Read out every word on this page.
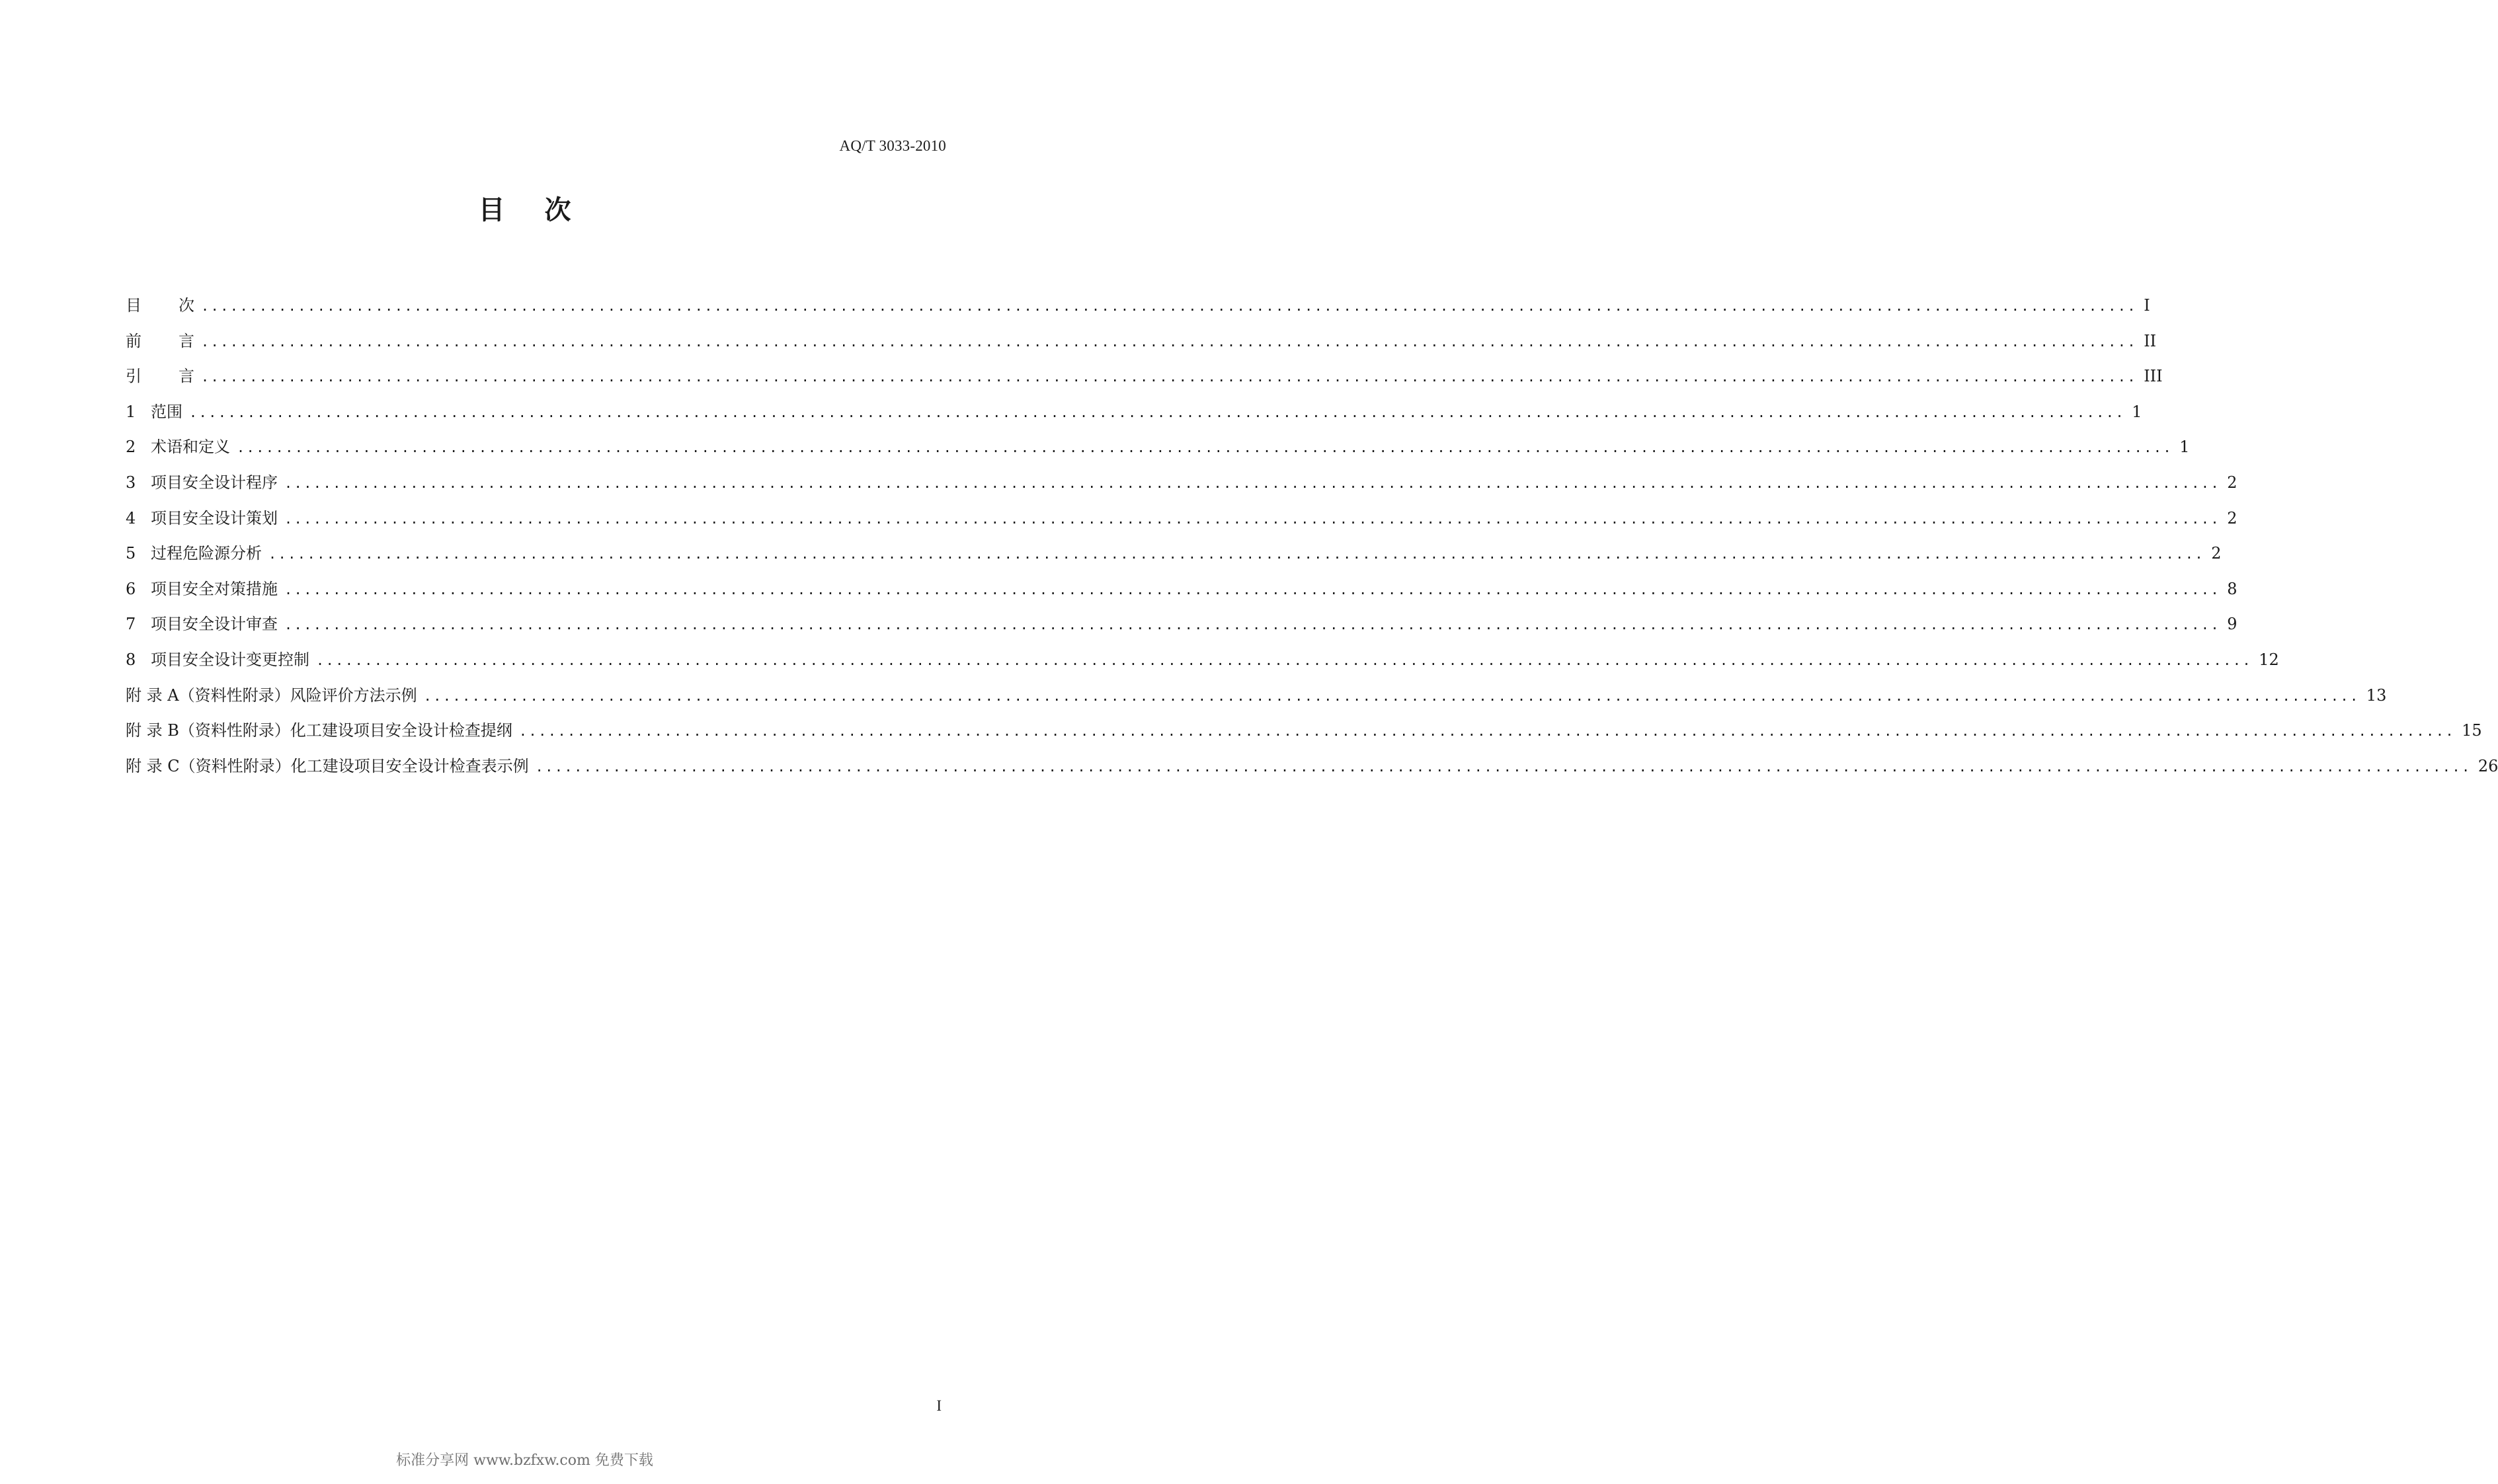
AQ/T 3033-2010
目 次
目次 ........................................................................................................................................................................................................ I
前言 ........................................................................................................................................................................................................ II
引言 ........................................................................................................................................................................................................ III
1 范围 ........................................................................................................................................................................................................ 1
2 术语和定义 ........................................................................................................................................................................................................ 1
3 项目安全设计程序 ........................................................................................................................................................................................................ 2
4 项目安全设计策划 ........................................................................................................................................................................................................ 2
5 过程危险源分析 ........................................................................................................................................................................................................ 2
6 项目安全对策措施 ........................................................................................................................................................................................................ 8
7 项目安全设计审查 ........................................................................................................................................................................................................ 9
8 项目安全设计变更控制 ........................................................................................................................................................................................................ 12
附 录 A（资料性附录）风险评价方法示例 ........................................................................................................................................................................................................ 13
附 录 B（资料性附录）化工建设项目安全设计检查提纲 ........................................................................................................................................................................................................ 15
附 录 C（资料性附录）化工建设项目安全设计检查表示例 ........................................................................................................................................................................................................ 26
I
标准分享网 www.bzfxw.com 免费下载
